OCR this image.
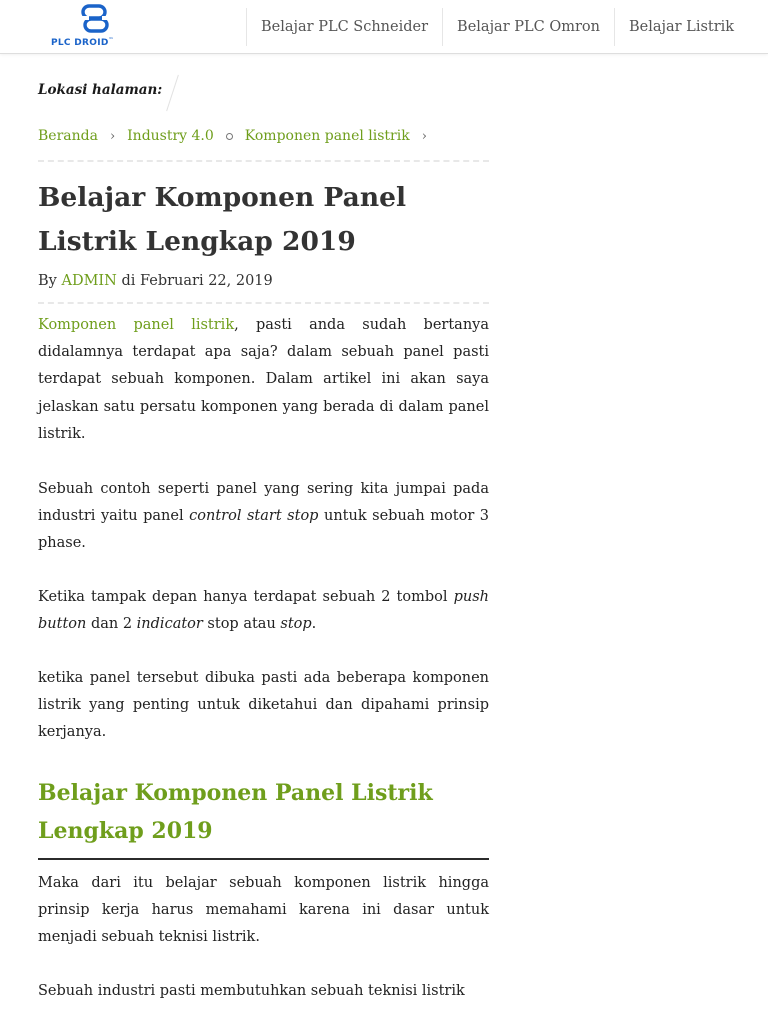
PLC DROID™
Belajar PLC Schneider	Belajar PLC Omron	Belajar Listrik
Lokasi halaman:
Beranda › Industry 4.0 Komponen panel listrik ›
Belajar Komponen Panel Listrik Lengkap 2019
By ADMIN di Februari 22, 2019

Komponen panel listrik, pasti anda sudah bertanya didalamnya terdapat apa saja? dalam sebuah panel pasti terdapat sebuah komponen. Dalam artikel ini akan saya jelaskan satu persatu komponen yang berada di dalam panel listrik.

Sebuah contoh seperti panel yang sering kita jumpai pada industri yaitu panel control start stop untuk sebuah motor 3 phase.

Ketika tampak depan hanya terdapat sebuah 2 tombol push button dan 2 indicator stop atau stop.

ketika panel tersebut dibuka pasti ada beberapa komponen listrik yang penting untuk diketahui dan dipahami prinsip kerjanya.

Belajar Komponen Panel Listrik Lengkap 2019

Maka dari itu belajar sebuah komponen listrik hingga prinsip kerja harus memahami karena ini dasar untuk menjadi sebuah teknisi listrik.

Sebuah industri pasti membutuhkan sebuah teknisi listrik
